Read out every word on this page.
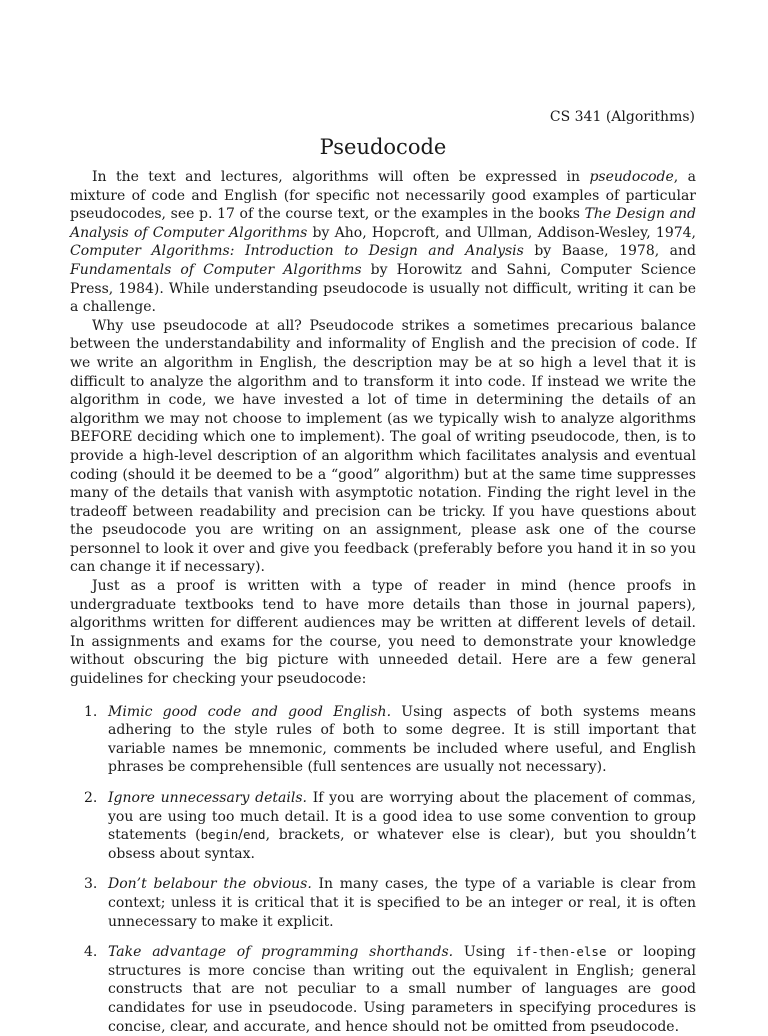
CS 341 (Algorithms)
Pseudocode

In the text and lectures, algorithms will often be expressed in pseudocode, a mixture of code and English (for specific not necessarily good examples of particular pseudocodes, see p. 17 of the course text, or the examples in the books The Design and Analysis of Computer Algorithms by Aho, Hopcroft, and Ullman, Addison-Wesley, 1974, Computer Algorithms: Introduction to Design and Analysis by Baase, 1978, and Fundamentals of Computer Algorithms by Horowitz and Sahni, Computer Science Press, 1984). While understanding pseudocode is usually not difficult, writing it can be a challenge.

Why use pseudocode at all? Pseudocode strikes a sometimes precarious balance between the understandability and informality of English and the precision of code. If we write an algorithm in English, the description may be at so high a level that it is difficult to analyze the algorithm and to transform it into code. If instead we write the algorithm in code, we have invested a lot of time in determining the details of an algorithm we may not choose to implement (as we typically wish to analyze algorithms BEFORE deciding which one to implement). The goal of writing pseudocode, then, is to provide a high-level description of an algorithm which facilitates analysis and eventual coding (should it be deemed to be a “good” algorithm) but at the same time suppresses many of the details that vanish with asymptotic notation. Finding the right level in the tradeoff between readability and precision can be tricky. If you have questions about the pseudocode you are writing on an assignment, please ask one of the course personnel to look it over and give you feedback (preferably before you hand it in so you can change it if necessary).

Just as a proof is written with a type of reader in mind (hence proofs in undergraduate textbooks tend to have more details than those in journal papers), algorithms written for different audiences may be written at different levels of detail. In assignments and exams for the course, you need to demonstrate your knowledge without obscuring the big picture with unneeded detail. Here are a few general guidelines for checking your pseudocode:

1. Mimic good code and good English. Using aspects of both systems means adhering to the style rules of both to some degree. It is still important that variable names be mnemonic, comments be included where useful, and English phrases be comprehensible (full sentences are usually not necessary).
2. Ignore unnecessary details. If you are worrying about the placement of commas, you are using too much detail. It is a good idea to use some convention to group statements (begin/end, brackets, or whatever else is clear), but you shouldn’t obsess about syntax.
3. Don’t belabour the obvious. In many cases, the type of a variable is clear from context; unless it is critical that it is specified to be an integer or real, it is often unnecessary to make it explicit.
4. Take advantage of programming shorthands. Using if-then-else or looping structures is more concise than writing out the equivalent in English; general constructs that are not peculiar to a small number of languages are good candidates for use in pseudocode. Using parameters in specifying procedures is concise, clear, and accurate, and hence should not be omitted from pseudocode.
